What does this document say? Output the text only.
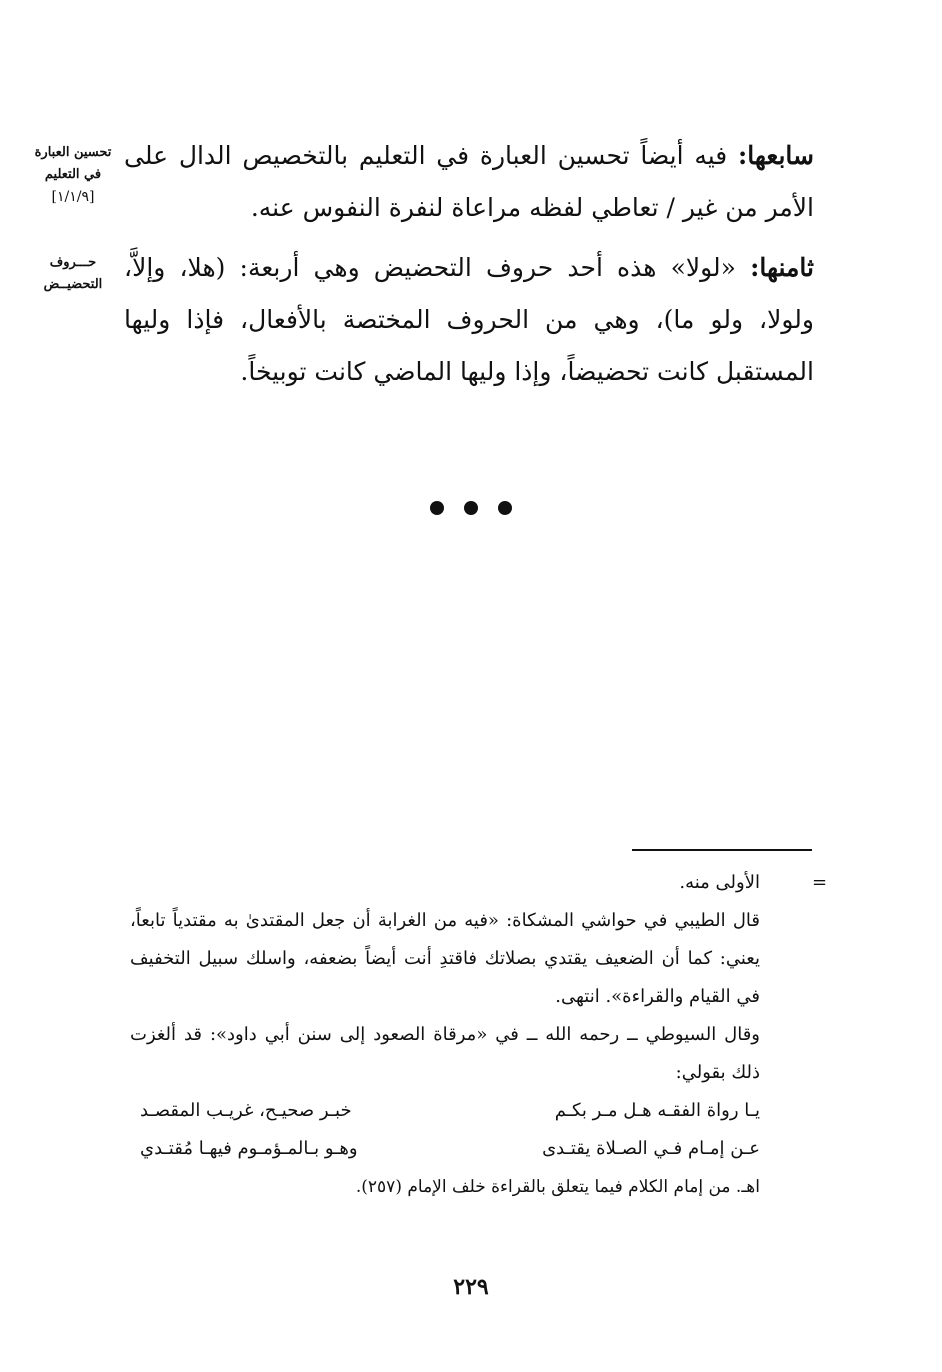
سابعها: فيه أيضاً تحسين العبارة في التعليم بالتخصيص الدال على الأمر من غير / تعاطي لفظه مراعاة لنفرة النفوس عنه.

ثامنها: «لولا» هذه أحد حروف التحضيض وهي أربعة: (هلا، وإلاَّ، ولولا، ولو ما)، وهي من الحروف المختصة بالأفعال، فإذا وليها المستقبل كانت تحضيضاً، وإذا وليها الماضي كانت توبيخاً.

تحسين العبارة
في التعليم
[١/١/٩]
حـــروف
التحضيــض
=

الأولى منه.

قال الطيبي في حواشي المشكاة: «فيه من الغرابة أن جعل المقتدىٰ به مقتدياً تابعاً، يعني: كما أن الضعيف يقتدي بصلاتك فاقتدِ أنت أيضاً بضعفه، واسلك سبيل التخفيف في القيام والقراءة». انتهى.

وقال السيوطي ــ رحمه الله ــ في «مرقاة الصعود إلى سنن أبي داود»: قد ألغزت ذلك بقولي:

يـا رواة الفقـه هـل مـر بكـم
خبـر صحيـح، غريـب المقصـد
عـن إمـام فـي الصـلاة يقتـدى
وهـو بـالمـؤمـوم فيهـا مُقتـدي

اهـ. من إمام الكلام فيما يتعلق بالقراءة خلف الإمام (٢٥٧).

٢٢٩
